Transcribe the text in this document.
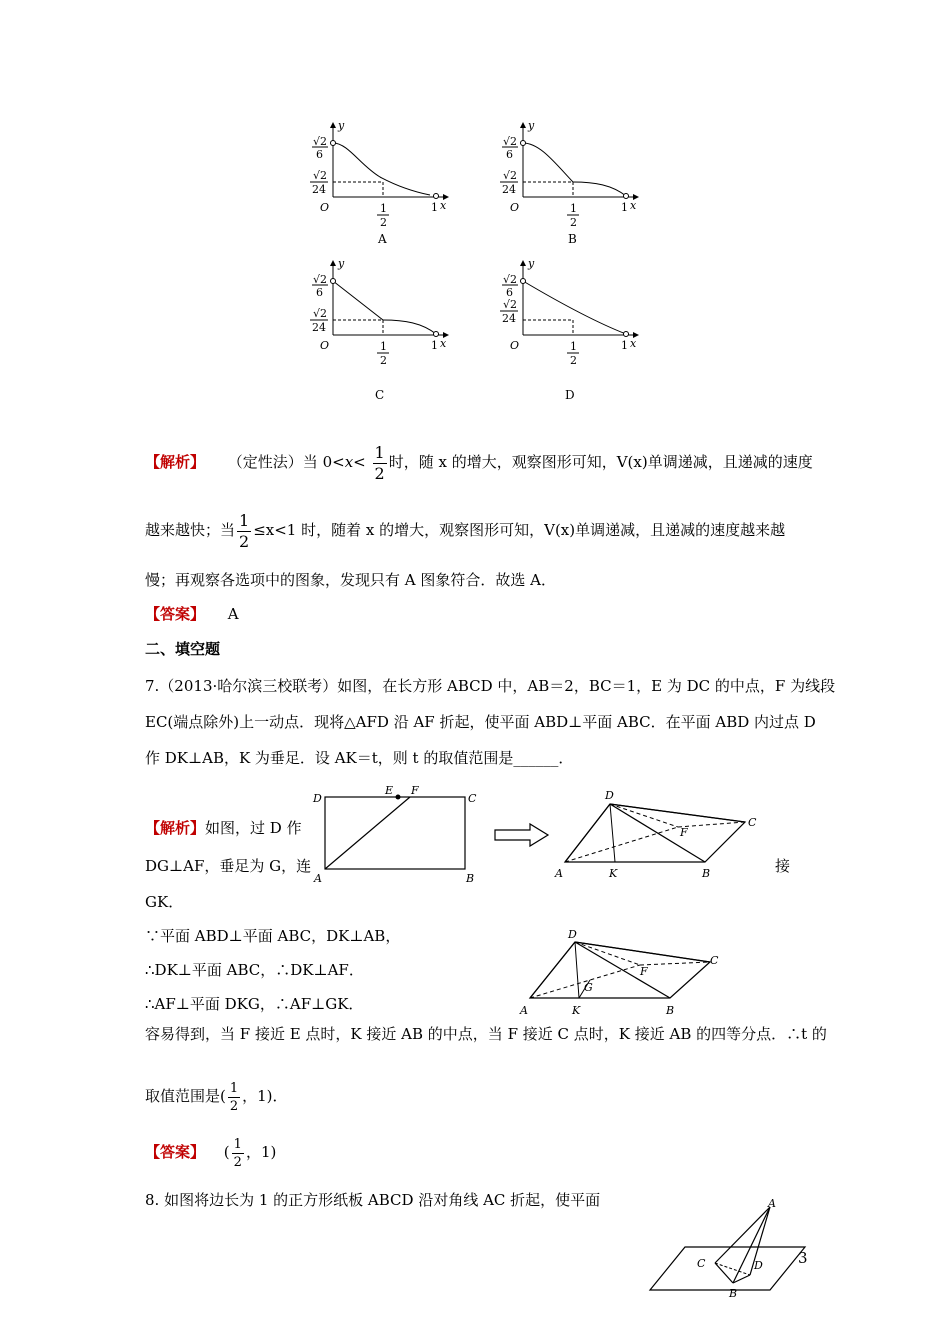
O
y
x
√2
6
√2
24
1
2
1
A
O
y
x
√2
6
√2
24
1
2
1
B
O
y
x
√2
6
√2
24
1
2
1
C
O
y
x
√2
6
√2
24
1
2
1
D
【解析】 （定性法）当 $0<x< \frac{1}{2}$ 时，随 x 的增大，观察图形可知，V(x)单调递减，且递减的速度
越来越快；当 $\frac{1}{2} \le x<1$ 时，随着 x 的增大，观察图形可知，V(x)单调递减，且递减的速度越来越
慢；再观察各选项中的图象，发现只有 A 图象符合．故选 A．
【答案】 A
二、填空题
7.（2013·哈尔滨三校联考）如图，在长方形 ABCD 中，AB＝2，BC＝1，E 为 DC 的中点，F 为线段
EC(端点除外)上一动点．现将△AFD 沿 AF 折起，使平面 ABD⊥平面 ABC．在平面 ABD 内过点 D
作 DK⊥AB，K 为垂足．设 AK＝t，则 t 的取值范围是______．
D
E F
C
A	B
D
F
C
A	K	B
D
F
C
G
A	K	B
【解析】如图，过 D 作
DG⊥AF，垂足为 G，连	接
GK．
∵平面 ABD⊥平面 ABC，DK⊥AB，
∴DK⊥平面 ABC，∴DK⊥AF．
∴AF⊥平面 DKG，∴AF⊥GK．
容易得到，当 F 接近 E 点时，K 接近 AB 的中点，当 F 接近 C 点时，K 接近 AB 的四等分点．∴t 的
取值范围是( $\frac{1}{2}$ ，1)．
【答案】 ( $\frac{1}{2}$ ，1)
8. 如图将边长为 1 的正方形纸板 ABCD 沿对角线 AC 折起，使平面	A
C	D
B
3
